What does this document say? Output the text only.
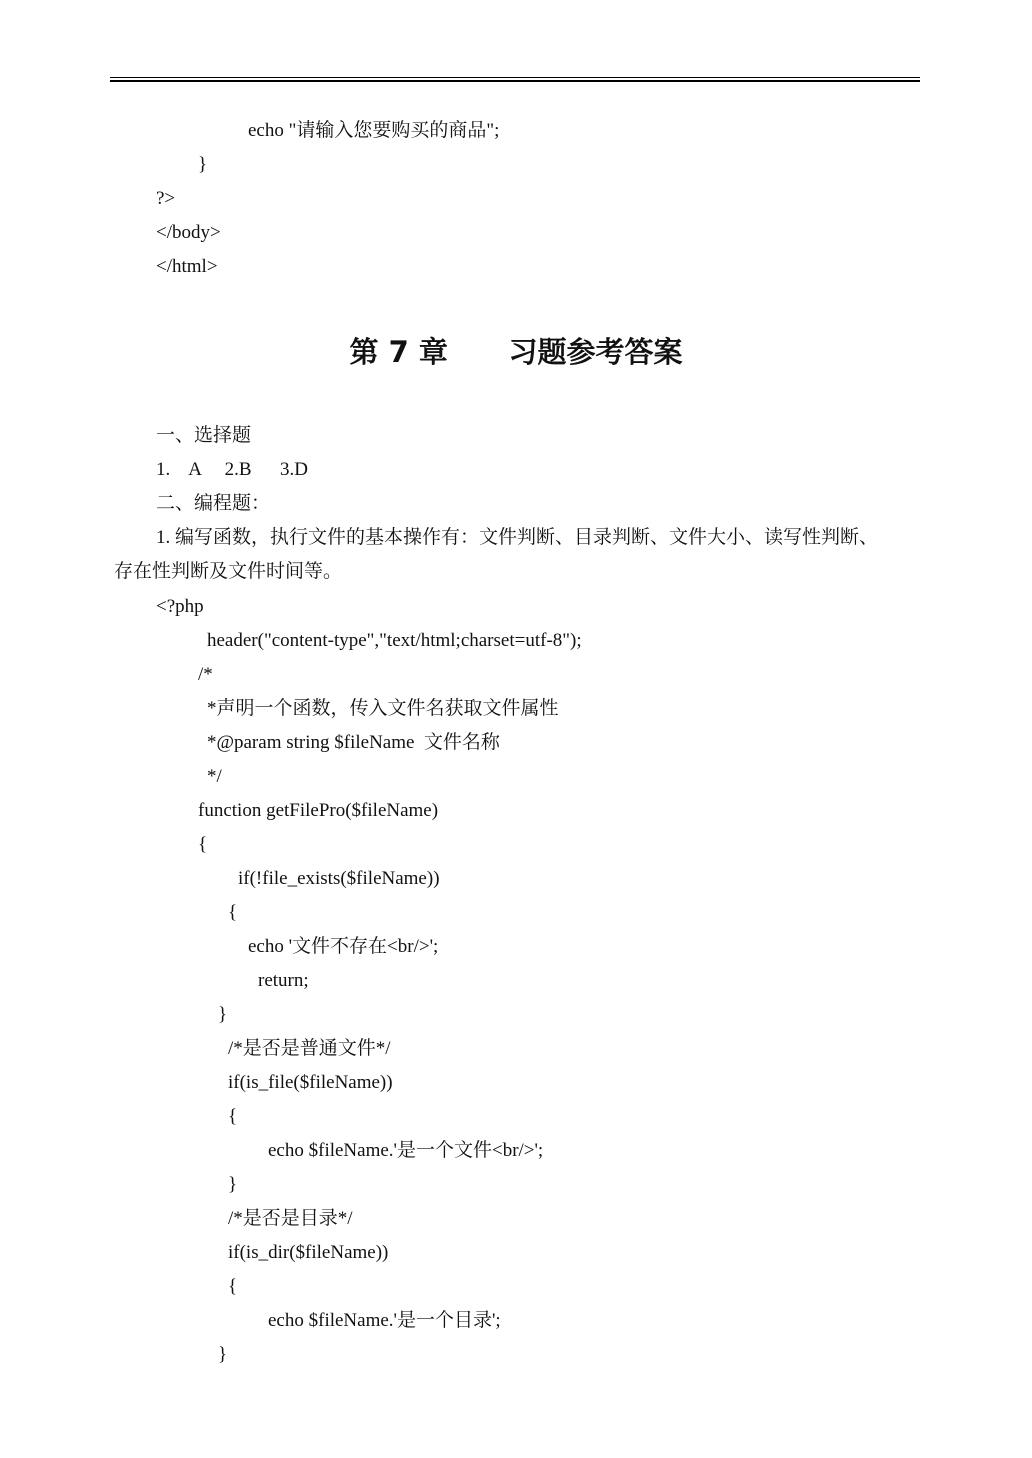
echo "请输入您要购买的商品";
}
?>
</body>
</html>
第 7 章      习题参考答案
一、选择题
1.    A     2.B      3.D
二、编程题：
1. 编写函数，执行文件的基本操作有：文件判断、目录判断、文件大小、读写性判断、
存在性判断及文件时间等。
<?php
header("content-type","text/html;charset=utf-8");
/*
*声明一个函数，传入文件名获取文件属性
*@param string $fileName  文件名称
*/
function getFilePro($fileName)
{
if(!file_exists($fileName))
{
echo '文件不存在<br/>';
return;
}
/*是否是普通文件*/
if(is_file($fileName))
{
echo $fileName.'是一个文件<br/>';
}
/*是否是目录*/
if(is_dir($fileName))
{
echo $fileName.'是一个目录';
}
